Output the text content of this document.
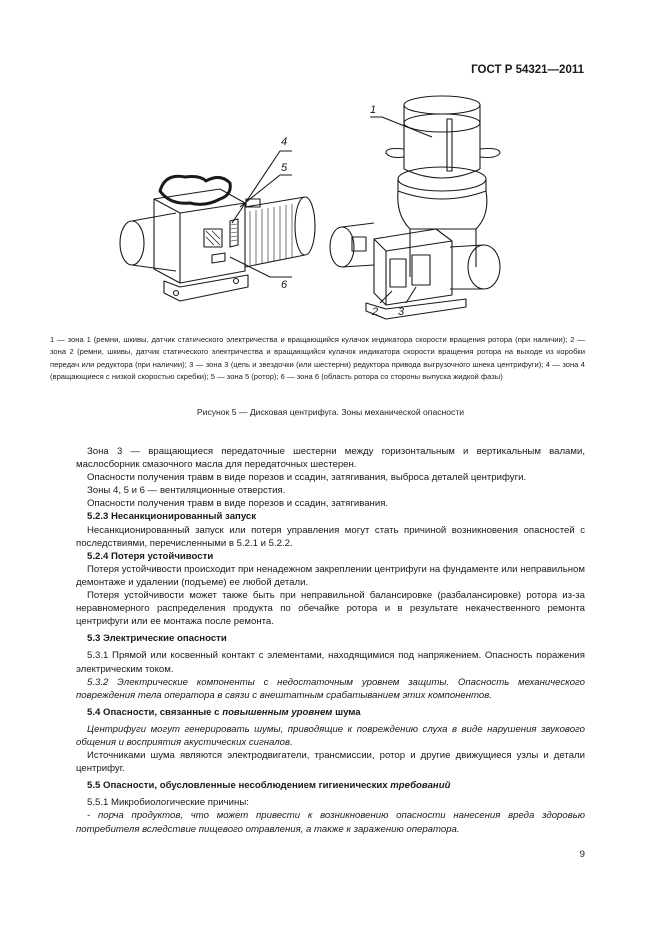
ГОСТ Р 54321—2011
4
5
6
1
2 3
1 — зона 1 (ремни, шкивы, датчик статического электричества и вращающийся кулачок индикатора скорости вращения ротора (при наличии); 2 — зона 2 (ремни, шкивы, датчик статического электричества и вращающийся кулачок индикатора скорости вращения ротора на выходе из коробки передач или редуктора (при наличии); 3 — зона 3 (цепь и звездочки (или шестерни) редуктора привода выгрузочного шнека центрифуги); 4 — зона 4 (вращающиеся с низкой скоростью скребки); 5 — зона 5 (ротор); 6 — зона 6 (область ротора со стороны выпуска жидкой фазы)
Рисунок 5 — Дисковая центрифуга. Зоны механической опасности

Зона 3 — вращающиеся передаточные шестерни между горизонтальным и вертикальным валами, маслосборник смазочного масла для передаточных шестерен.

Опасности получения травм в виде порезов и ссадин, затягивания, выброса деталей центрифуги.

Зоны 4, 5 и 6 — вентиляционные отверстия.

Опасности получения травм в виде порезов и ссадин, затягивания.

5.2.3 Несанкционированный запуск

Несанкционированный запуск или потеря управления могут стать причиной возникновения опасностей с последствиями, перечисленными в 5.2.1 и 5.2.2.

5.2.4 Потеря устойчивости

Потеря устойчивости происходит при ненадежном закреплении центрифуги на фундаменте или неправильном демонтаже и удалении (подъеме) ее любой детали.

Потеря устойчивости может также быть при неправильной балансировке (разбалансировке) ротора из-за неравномерного распределения продукта по обечайке ротора и в результате некачественного ремонта центрифуги или ее монтажа после ремонта.

5.3 Электрические опасности

5.3.1 Прямой или косвенный контакт с элементами, находящимися под напряжением. Опасность поражения электрическим током.

5.3.2 Электрические компоненты с недостаточным уровнем защиты. Опасность механического повреждения тела оператора в связи с внештатным срабатыванием этих компонентов.

5.4 Опасности, связанные с повышенным уровнем шума

Центрифуги могут генерировать шумы, приводящие к повреждению слуха в виде нарушения звукового общения и восприятия акустических сигналов.

Источниками шума являются электродвигатели, трансмиссии, ротор и другие движущиеся узлы и детали центрифуг.

5.5 Опасности, обусловленные несоблюдением гигиенических требований

5.5.1 Микробиологические причины:

- порча продуктов, что может привести к возникновению опасности нанесения вреда здоровью потребителя вследствие пищевого отравления, а также к заражению оператора.

9
